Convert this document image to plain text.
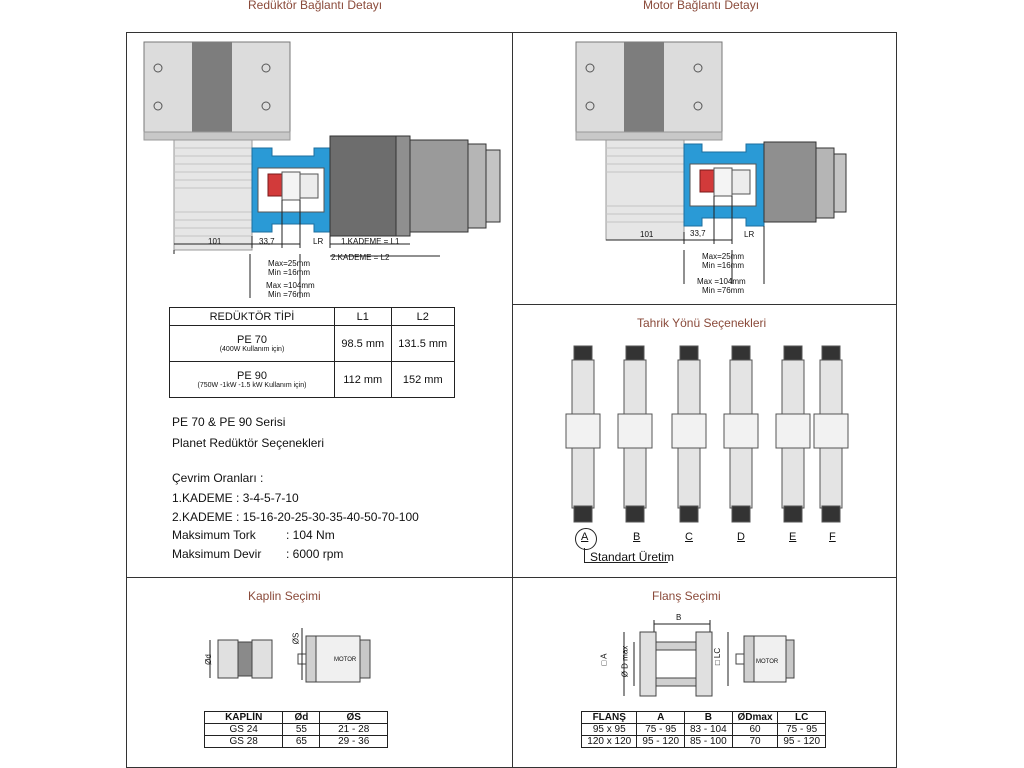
Redüktör Bağlantı Detayı	Motor Bağlantı Detayı
101	33,7	LR 1.KADEME = L1
2.KADEME = L2
Max=25mm
Min =16mm
Max =104mm
Min =76mm
101	33,7	LR
Max=25mm
Min =16mm
Max =104mm
Min =76mm
REDÜKTÖR TİPİ	L1	L2

PE 70
(400W Kullanım için)	98.5 mm	131.5 mm

PE 90
(750W -1kW -1.5 kW Kullanım için)	112 mm	152 mm
PE 70 & PE 90 Serisi
Planet Redüktör Seçenekleri
Çevrim Oranları :
1.KADEME : 3-4-5-7-10
2.KADEME : 15-16-20-25-30-35-40-50-70-100
Maksimum Tork	: 104 Nm
Maksimum Devir : 6000 rpm
Tahrik Yönü Seçenekleri
A	B	C	D	E	F
Standart Üretim
Kaplin Seçimi
Ød
ØS
MOTOR
KAPLİN	Ød	ØS
GS 24	55	21 - 28
GS 28	65	29 - 36
Flanş Seçimi
B
□ A Ø D max	□ LC	MOTOR
FLANŞ	A	B	ØDmax	LC
95 x 95	75 - 95	83 - 104	60	75 - 95
120 x 120	95 - 120	85 - 100	70	95 - 120
